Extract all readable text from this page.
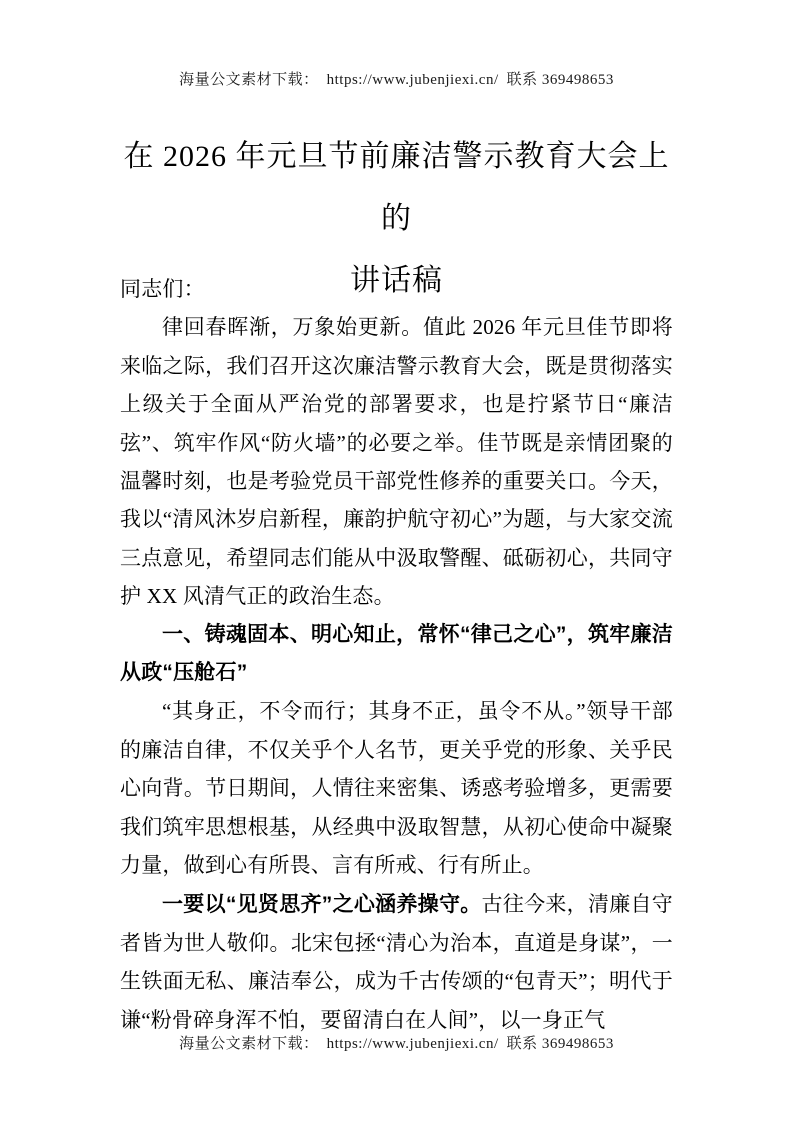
海量公文素材下载： https://www.jubenjiexi.cn/ 联系 369498653
在 2026 年元旦节前廉洁警示教育大会上的
讲话稿

同志们：

律回春晖渐，万象始更新。值此 2026 年元旦佳节即将来临之际，我们召开这次廉洁警示教育大会，既是贯彻落实上级关于全面从严治党的部署要求，也是拧紧节日“廉洁弦”、筑牢作风“防火墙”的必要之举。佳节既是亲情团聚的温馨时刻，也是考验党员干部党性修养的重要关口。今天，我以“清风沐岁启新程，廉韵护航守初心”为题，与大家交流三点意见，希望同志们能从中汲取警醒、砥砺初心，共同守护 XX 风清气正的政治生态。

一、铸魂固本、明心知止，常怀“律己之心”，筑牢廉洁从政“压舱石”

“其身正，不令而行；其身不正，虽令不从。”领导干部的廉洁自律，不仅关乎个人名节，更关乎党的形象、关乎民心向背。节日期间，人情往来密集、诱惑考验增多，更需要我们筑牢思想根基，从经典中汲取智慧，从初心使命中凝聚力量，做到心有所畏、言有所戒、行有所止。

一要以“见贤思齐”之心涵养操守。古往今来，清廉自守者皆为世人敬仰。北宋包拯“清心为治本，直道是身谋”，一生铁面无私、廉洁奉公，成为千古传颂的“包青天”；明代于谦“粉骨碎身浑不怕，要留清白在人间”，以一身正气

海量公文素材下载： https://www.jubenjiexi.cn/ 联系 369498653
